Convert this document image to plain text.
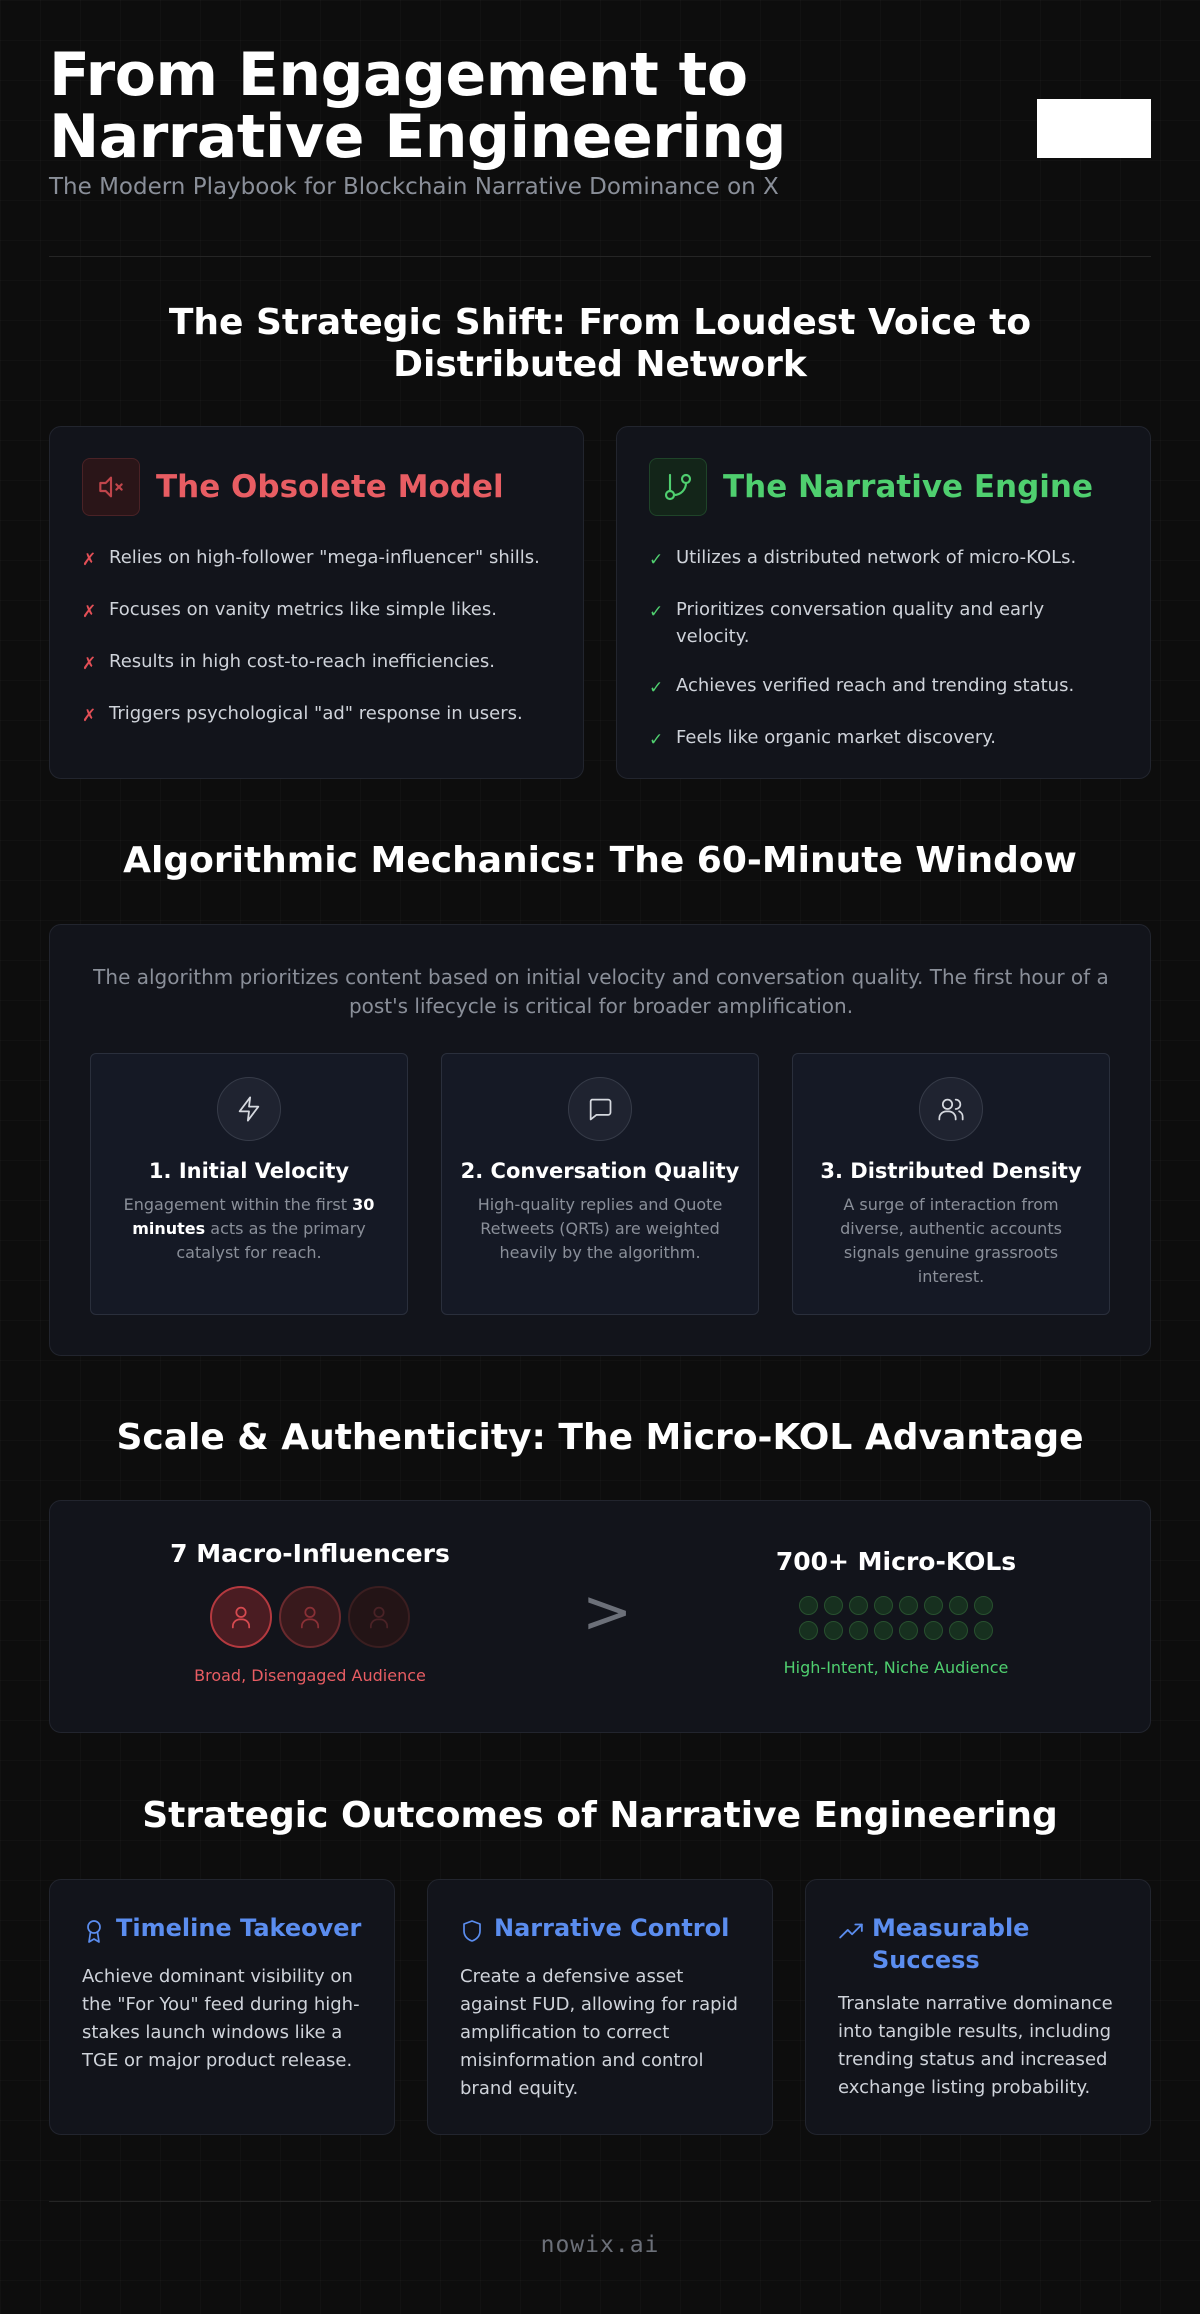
From Engagement to Narrative Engineering
The Modern Playbook for Blockchain Narrative Dominance on X
The Strategic Shift: From Loudest Voice to Distributed Network
The Obsolete Model
✗ Relies on high-follower "mega-influencer" shills.
✗ Focuses on vanity metrics like simple likes.
✗ Results in high cost-to-reach inefficiencies.
✗ Triggers psychological "ad" response in users.
The Narrative Engine
✓ Utilizes a distributed network of micro-KOLs.
✓ Prioritizes conversation quality and early velocity.
✓ Achieves verified reach and trending status.
✓ Feels like organic market discovery.
Algorithmic Mechanics: The 60-Minute Window
The algorithm prioritizes content based on initial velocity and conversation quality. The first hour of a post's lifecycle is critical for broader amplification.
1. Initial Velocity
Engagement within the first 30 minutes acts as the primary catalyst for reach.
2. Conversation Quality
High-quality replies and Quote Retweets (QRTs) are weighted heavily by the algorithm.
3. Distributed Density
A surge of interaction from diverse, authentic accounts signals genuine grassroots interest.
Scale & Authenticity: The Micro-KOL Advantage
7 Macro-Influencers
Broad, Disengaged Audience
>
700+ Micro-KOLs
High-Intent, Niche Audience
Strategic Outcomes of Narrative Engineering
Timeline Takeover
Achieve dominant visibility on the "For You" feed during high-stakes launch windows like a TGE or major product release.
Narrative Control
Create a defensive asset against FUD, allowing for rapid amplification to correct misinformation and control brand equity.
Measurable Success
Translate narrative dominance into tangible results, including trending status and increased exchange listing probability.
nowix.ai
